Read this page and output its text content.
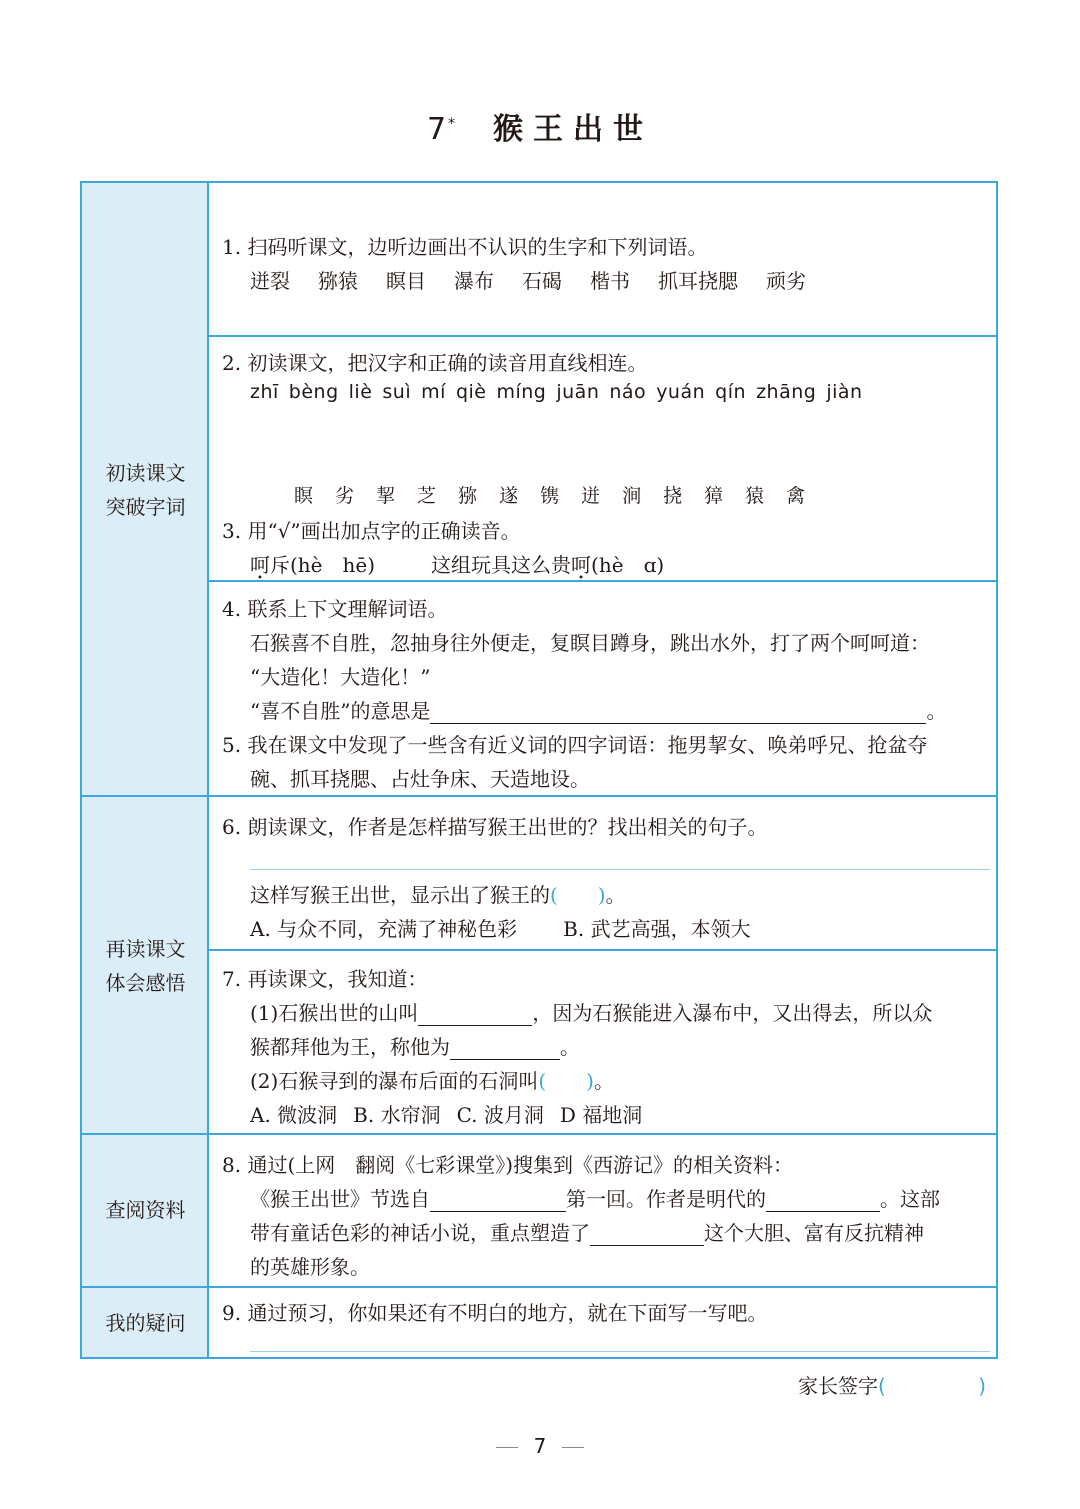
7* 猴王出世
初读课文
突破字词
再读课文
体会感悟
查阅资料
我的疑问
1. 扫码听课文，边听边画出不认识的生字和下列词语。
迸裂 猕猿 瞑目 瀑布 石碣 楷书 抓耳挠腮 顽劣
2. 初读课文，把汉字和正确的读音用直线相连。
zhī bèng liè suì mí qiè míng juān náo yuán qín zhāng jiàn
瞑 劣 挈 芝 猕 遂 镌 迸 涧 挠 獐 猿 禽
3. 用“√”画出加点字的正确读音。
呵斥(hè　hē)	这组玩具这么贵呵(hè　ɑ)
4. 联系上下文理解词语。
石猴喜不自胜，忽抽身往外便走，复瞑目蹲身，跳出水外，打了两个呵呵道：
“大造化！大造化！”
“喜不自胜”的意思是	。
5. 我在课文中发现了一些含有近义词的四字词语：拖男挈女、唤弟呼兄、抢盆夺
碗、抓耳挠腮、占灶争床、天造地设。
6. 朗读课文，作者是怎样描写猴王出世的？找出相关的句子。
这样写猴王出世，显示出了猴王的(　　)。
A. 与众不同，充满了神秘色彩 B. 武艺高强，本领大
7. 再读课文，我知道：
(1)石猴出世的山叫	，因为石猴能进入瀑布中，又出得去，所以众
猴都拜他为王，称他为	。
(2)石猴寻到的瀑布后面的石洞叫(　　)。
A. 微波洞 B. 水帘洞 C. 波月洞 D 福地洞
8. 通过(上网　翻阅《七彩课堂》)搜集到《西游记》的相关资料：
《猴王出世》节选自	第一回。作者是明代的	。这部
带有童话色彩的神话小说，重点塑造了	这个大胆、富有反抗精神
的英雄形象。
9. 通过预习，你如果还有不明白的地方，就在下面写一写吧。
家长签字(	)
7
